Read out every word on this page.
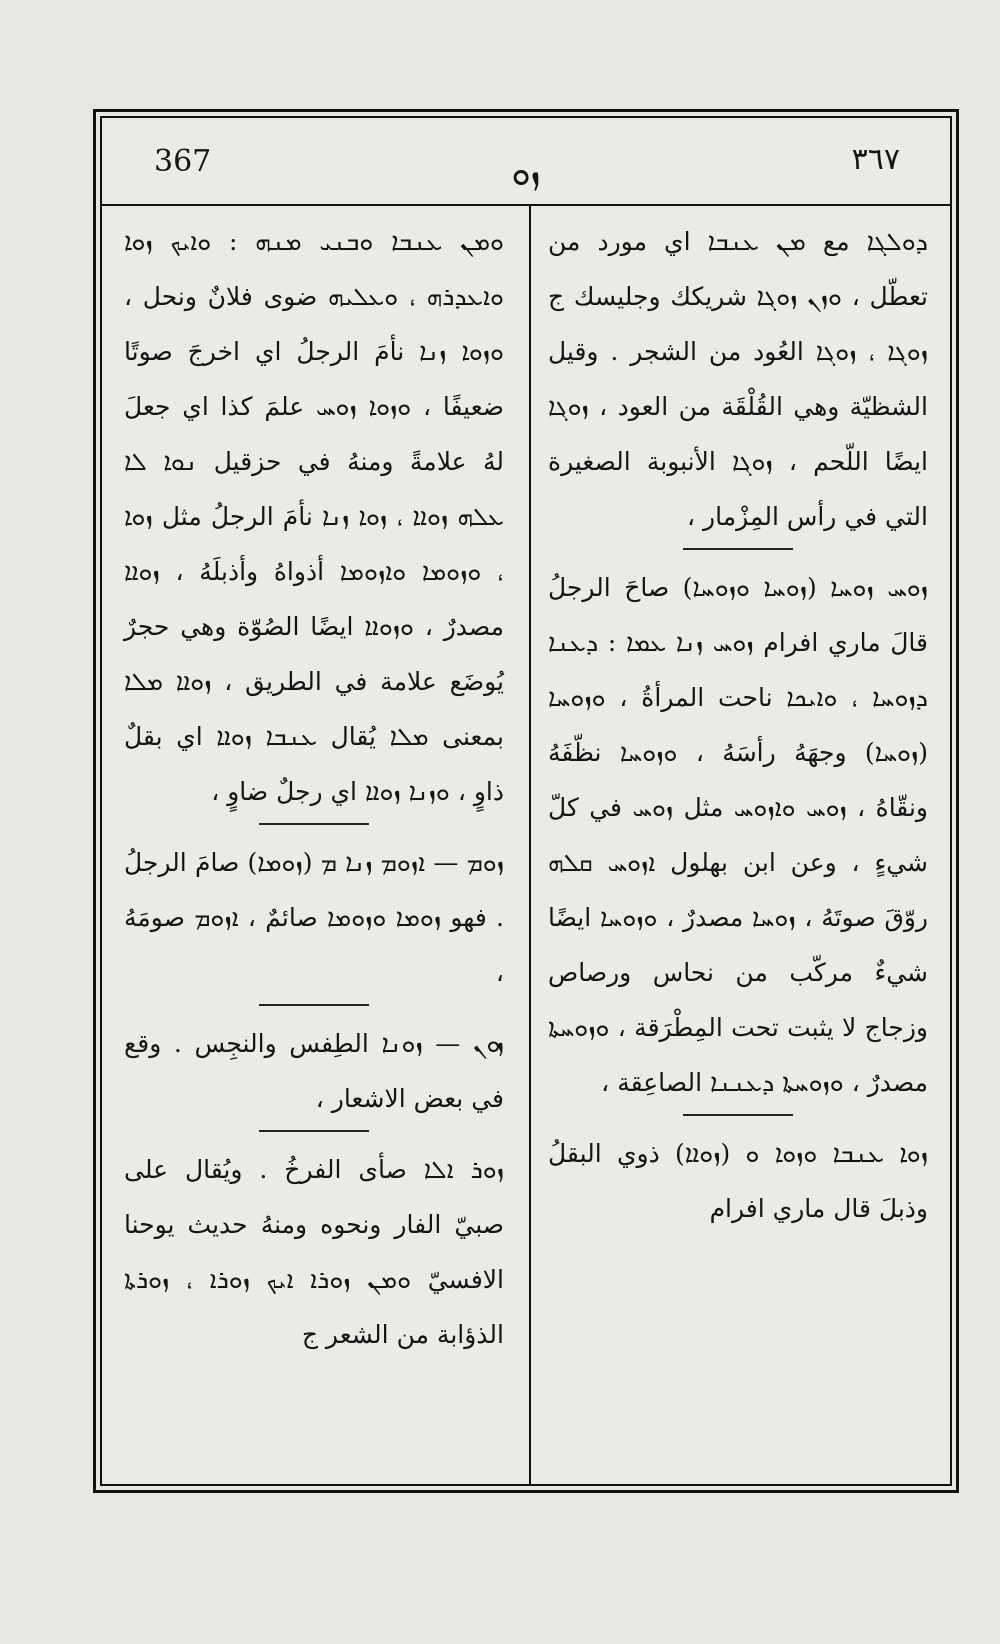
367	ܙܘ	٣٦٧

ܕܘܠܓܐ مع ܡܢ ܥܢܒܐ اي مورد من تعطّل ، ܘܙܢ ܙܘܓܐ شريكك وجليسك ج ܙܘܓܐ ، ܙܘܓܐ العُود من الشجر . وقيل الشظيّة وهي القُلْقَة من العود ، ܙܘܓܐ ايضًا اللّحم ، ܙܘܓܐ الأنبوبة الصغيرة التي في رأس المِزْمار ،

ܙܘܚ ܙܘܚܐ (ܙܘܚܐ ܘܙܘܚܐ) صاحَ الرجلُ قالَ ماري افرام ܙܘܚ ܙܢܐ ܥܡܐ : ܕܥܢܐ ܕܙܘܚܐ ، ܘܐܝܟܐ ناحت المرأةُ ، ܘܙܘܚܐ (ܙܘܚܐ) وجهَهُ رأسَهُ ، ܘܙܘܚܐ نظّفَهُ ونقّاهُ ، ܙܘܚ ܘܐܙܘܚ مثل ܙܘܚ في كلّ شيءٍ ، وعن ابن بهلول ܐܙܘܚ ܩܠܗ روّقَ صوتَهُ ، ܙܘܚܐ مصدرٌ ، ܘܙܘܚܐ ايضًا شيءٌ مركّب من نحاس ورصاص وزجاج لا يثبت تحت المِطْرَقة ، ܘܙܘܚܬܐ مصدرٌ ، ܘܙܘܚܬܐ ܕܥܢܢܐ الصاعِقة ،

ܙܘܐ ܥܢܒܐ ܘܙܘܐ ܘ (ܙܘܐܐ) ذوي البقلُ وذبلَ قال ماري افرام

ܘܡܢ ܥܢܒܐ ܘܒܢܝ ܡܢܗ : ܘܐܝܟ ܙܘܐ ܘܐܥܕܪܗ ، ܘܥܠܝܗ ضوى فلانٌ ونحل ، ܘܙܘܐ ܙܢܐ نأمَ الرجلُ اي اخرجَ صوتًا ضعيفًا ، ܘܙܘܐ ܙܘܚ علمَ كذا اي جعلَ لهُ علامةً ومنهُ في حزقيل ܢܘܐ ܠܐ ܥܠܗ ܙܘܐܐ ، ܙܘܐ ܙܢܐ نأمَ الرجلُ مثل ܙܘܐ ، ܘܙܘܡܐ ܘܐܙܘܡܐ أذواهُ وأذبلَهُ ، ܙܘܐܐ مصدرٌ ، ܘܙܘܐܐ ايضًا الصُوّة وهي حجرٌ يُوضَع علامة في الطريق ، ܙܘܐܐ ܡܠܐ بمعنى ܡܠܐ يُقال ܥܢܒܐ ܙܘܐܐ اي بقلٌ ذاوٍ ، ܘܙܢܐ ܙܘܐܐ اي رجلٌ ضاوٍ ،

ܙܘܡ — ܐܙܘܡ ܙܢܐ ܡ (ܙܘܡܐ) صامَ الرجلُ . فهو ܙܘܡܐ ܘܙܘܡܐ صائمٌ ، ܐܙܘܡ صومَهُ ،

ܙܘܢ — ܙܘܢܐ الطِفس والنجِس . وقع في بعض الاشعار ،

ܙܘܪ ܐܠܐ صأى الفرخُ . ويُقال على صبيّ الفار ونحوه ومنهُ حديث يوحنا الافسيّ ܘܡܢ ܙܘܪܐ ܐܝܟ ܙܘܪܐ ، ܙܘܪܬܐ الذؤابة من الشعر ج
